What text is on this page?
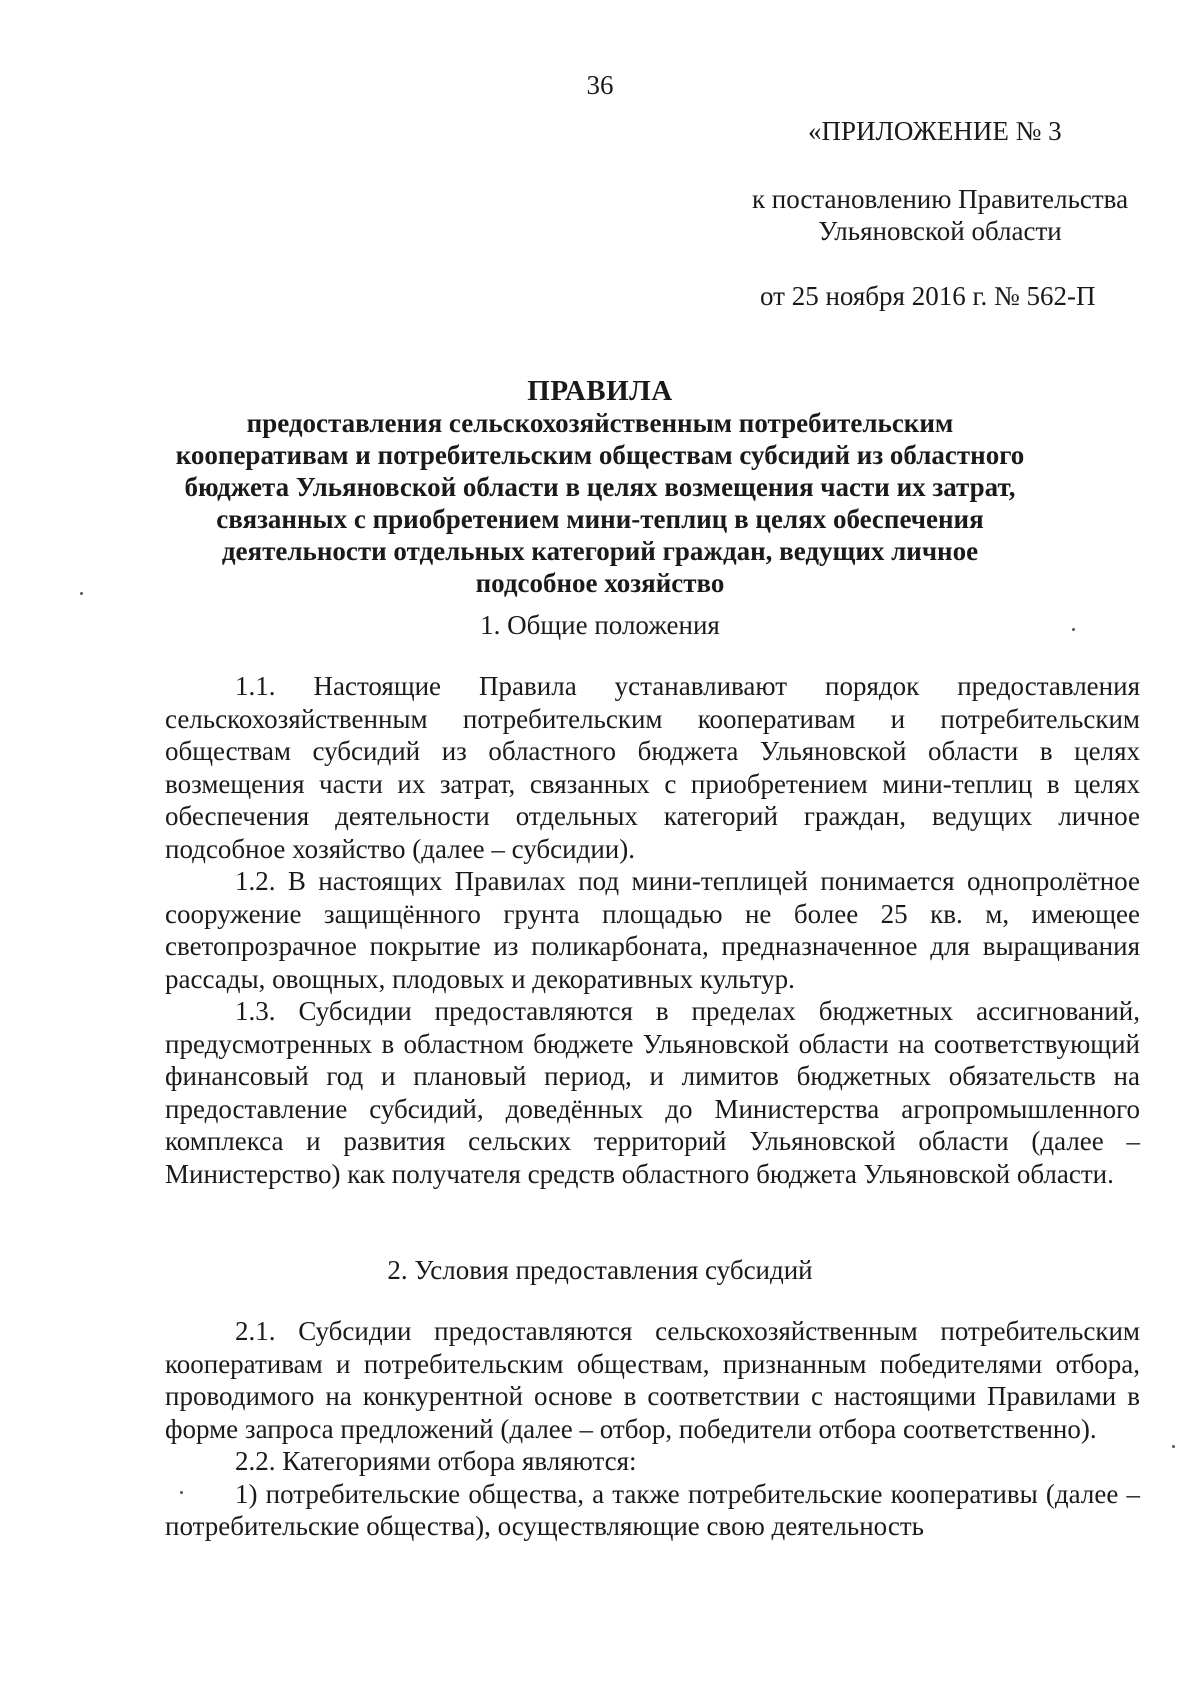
36
«ПРИЛОЖЕНИЕ № 3
к постановлению Правительства Ульяновской области
от 25 ноября 2016 г. № 562-П
ПРАВИЛА
предоставления сельскохозяйственным потребительским кооперативам и потребительским обществам субсидий из областного бюджета Ульяновской области в целях возмещения части их затрат, связанных с приобретением мини-теплиц в целях обеспечения деятельности отдельных категорий граждан, ведущих личное подсобное хозяйство
1. Общие положения

1.1. Настоящие Правила устанавливают порядок предоставления сельскохозяйственным потребительским кооперативам и потребительским обществам субсидий из областного бюджета Ульяновской области в целях возмещения части их затрат, связанных с приобретением мини-теплиц в целях обеспечения деятельности отдельных категорий граждан, ведущих личное подсобное хозяйство (далее – субсидии).

1.2. В настоящих Правилах под мини-теплицей понимается однопролётное сооружение защищённого грунта площадью не более 25 кв. м, имеющее светопрозрачное покрытие из поликарбоната, предназначенное для выращивания рассады, овощных, плодовых и декоративных культур.

1.3. Субсидии предоставляются в пределах бюджетных ассигнований, предусмотренных в областном бюджете Ульяновской области на соответствующий финансовый год и плановый период, и лимитов бюджетных обязательств на предоставление субсидий, доведённых до Министерства агропромышленного комплекса и развития сельских территорий Ульяновской области (далее – Министерство) как получателя средств областного бюджета Ульяновской области.

2. Условия предоставления субсидий

2.1. Субсидии предоставляются сельскохозяйственным потребительским кооперативам и потребительским обществам, признанным победителями отбора, проводимого на конкурентной основе в соответствии с настоящими Правилами в форме запроса предложений (далее – отбор, победители отбора соответственно).

2.2. Категориями отбора являются:

1) потребительские общества, а также потребительские кооперативы (далее – потребительские общества), осуществляющие свою деятельность
